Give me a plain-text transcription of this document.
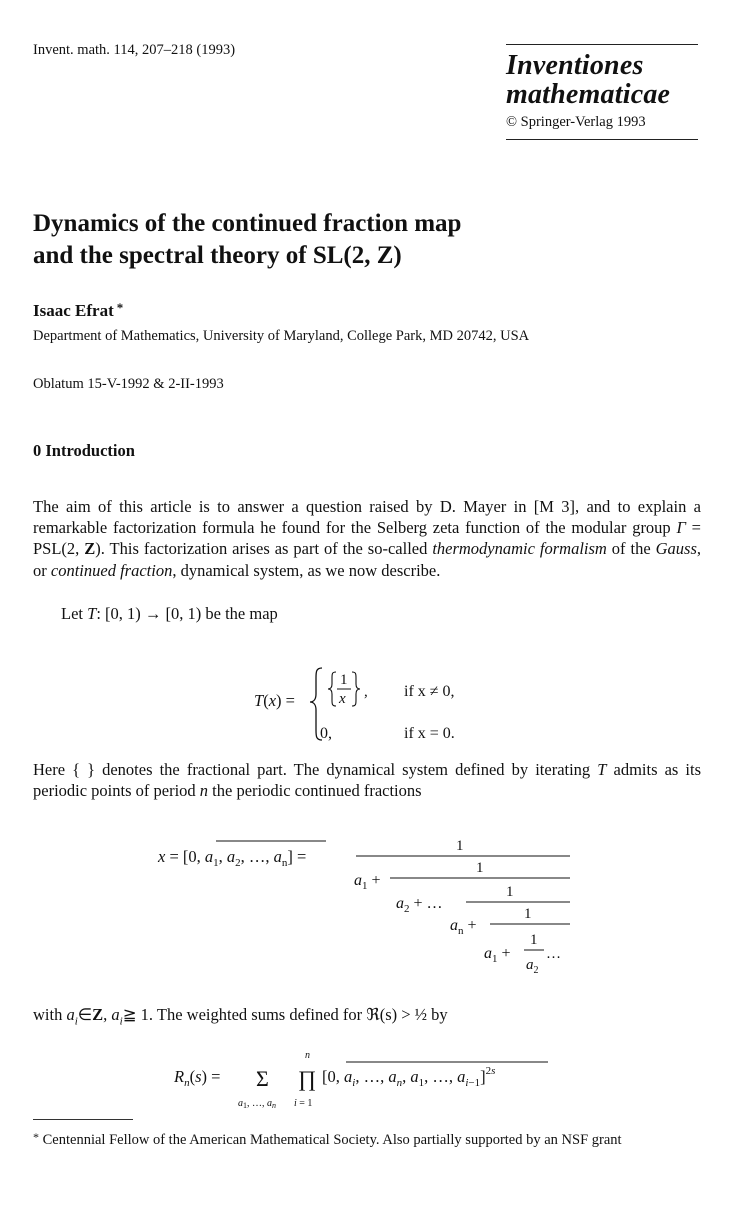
Invent. math. 114, 207–218 (1993)	Inventiones
mathematicae
© Springer-Verlag 1993
Dynamics of the continued fraction map
and the spectral theory of SL(2, Z)
Isaac Efrat *
Department of Mathematics, University of Maryland, College Park, MD 20742, USA
Oblatum 15-V-1992 & 2-II-1993
0 Introduction
The aim of this article is to answer a question raised by D. Mayer in [M 3], and to explain a remarkable factorization formula he found for the Selberg zeta function of the modular group Γ = PSL(2, Z). This factorization arises as part of the so-called thermodynamic formalism of the Gauss, or continued fraction, dynamical system, as we now describe.
Let T: [0, 1) → [0, 1) be the map
T(x) =
1
x , if x ≠ 0,
0,	if x = 0.
Here { } denotes the fractional part. The dynamical system defined by iterating T admits as its periodic points of period n the periodic continued fractions
x = [0, $a_1$, $a_2$, …, $a_n$] =
1
$a_1$ +
1
$a_2$ + …
1
$a_n$ +
1
$a_1$ +
1
$a_2$
…
with $a_i\in Z$, $a_i≧$ 1. The weighted sums defined for ℜ(s) > ½ by
$R_n(s) = \Sigma$
$a_1$, …, $a_n$
n
∏
i = 1
[0, $a_i$, …, $a_n$, $a_1$, …, $a_{i-1}]^2s$
* Centennial Fellow of the American Mathematical Society. Also partially supported by an NSF grant
